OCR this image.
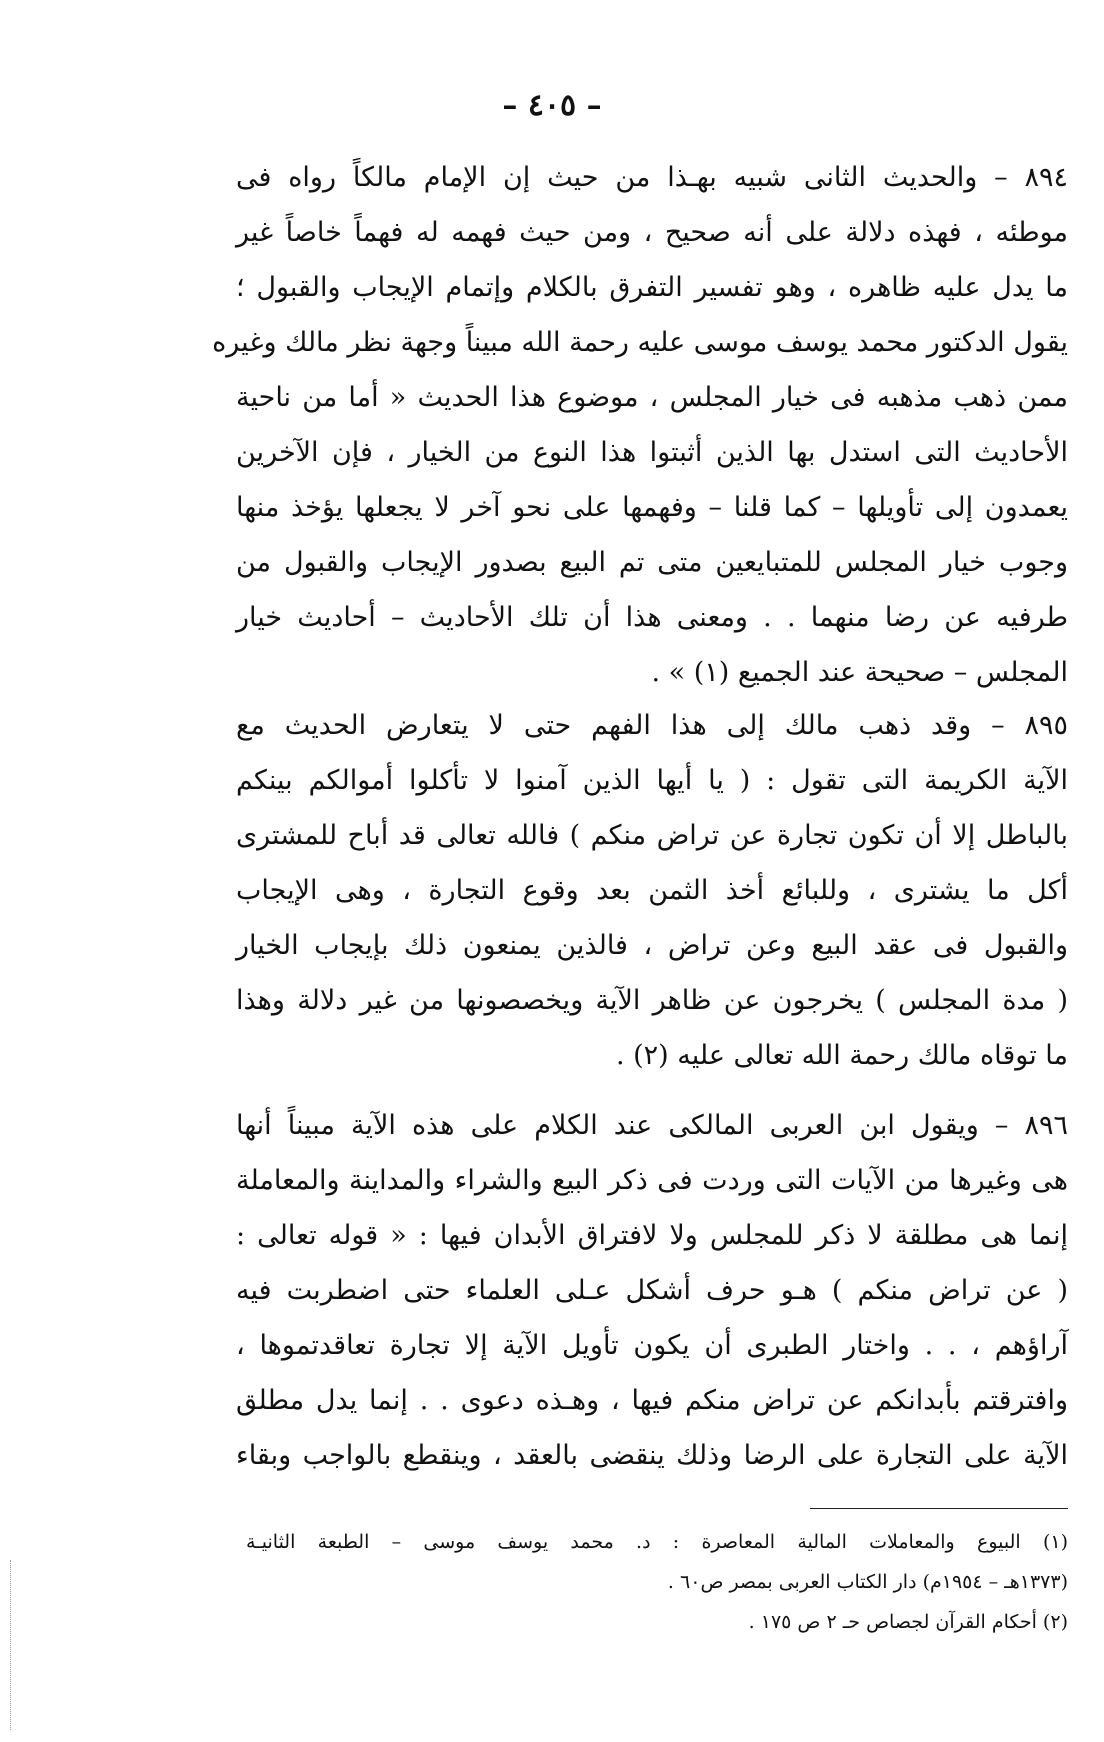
– ٤٠٥ –
٨٩٤ – والحديث الثانى شبيه بهـذا من حيث إن الإمام مالكاً رواه فى
موطئه ، فهذه دلالة على أنه صحيح ، ومن حيث فهمه له فهماً خاصاً غير
ما يدل عليه ظاهره ، وهو تفسير التفرق بالكلام وإتمام الإيجاب والقبول ؛
يقول الدكتور محمد يوسف موسى عليه رحمة الله مبيناً وجهة نظر مالك وغيره
ممن ذهب مذهبه فى خيار المجلس ، موضوع هذا الحديث « أما من ناحية
الأحاديث التى استدل بها الذين أثبتوا هذا النوع من الخيار ، فإن الآخرين
يعمدون إلى تأويلها – كما قلنا – وفهمها على نحو آخر لا يجعلها يؤخذ منها
وجوب خيار المجلس للمتبايعين متى تم البيع بصدور الإيجاب والقبول من
طرفيه عن رضا منهما . . ومعنى هذا أن تلك الأحاديث – أحاديث خيار
المجلس – صحيحة عند الجميع (١) » .
٨٩٥ – وقد ذهب مالك إلى هذا الفهم حتى لا يتعارض الحديث مع
الآية الكريمة التى تقول : ( يا أيها الذين آمنوا لا تأكلوا أموالكم بينكم
بالباطل إلا أن تكون تجارة عن تراض منكم ) فالله تعالى قد أباح للمشترى
أكل ما يشترى ، وللبائع أخذ الثمن بعد وقوع التجارة ، وهى الإيجاب
والقبول فى عقد البيع وعن تراض ، فالذين يمنعون ذلك بإيجاب الخيار
( مدة المجلس ) يخرجون عن ظاهر الآية ويخصصونها من غير دلالة وهذا
ما توقاه مالك رحمة الله تعالى عليه (٢) .
٨٩٦ – ويقول ابن العربى المالكى عند الكلام على هذه الآية مبيناً أنها
هى وغيرها من الآيات التى وردت فى ذكر البيع والشراء والمداينة والمعاملة
إنما هى مطلقة لا ذكر للمجلس ولا لافتراق الأبدان فيها : « قوله تعالى :
( عن تراض منكم ) هـو حرف أشكل عـلى العلماء حتى اضطربت فيه
آراؤهم ، . . واختار الطبرى أن يكون تأويل الآية إلا تجارة تعاقدتموها ،
وافترقتم بأبدانكم عن تراض منكم فيها ، وهـذه دعوى . . إنما يدل مطلق
الآية على التجارة على الرضا وذلك ينقضى بالعقد ، وينقطع بالواجب وبقاء
(١) البيوع والمعاملات المالية المعاصرة : د. محمد يوسف موسى – الطبعة الثانيـة
(١٣٧٣هـ – ١٩٥٤م) دار الكتاب العربى بمصر ص٦٠ .
(٢) أحكام القرآن لجصاص حـ ٢ ص ١٧٥ .
